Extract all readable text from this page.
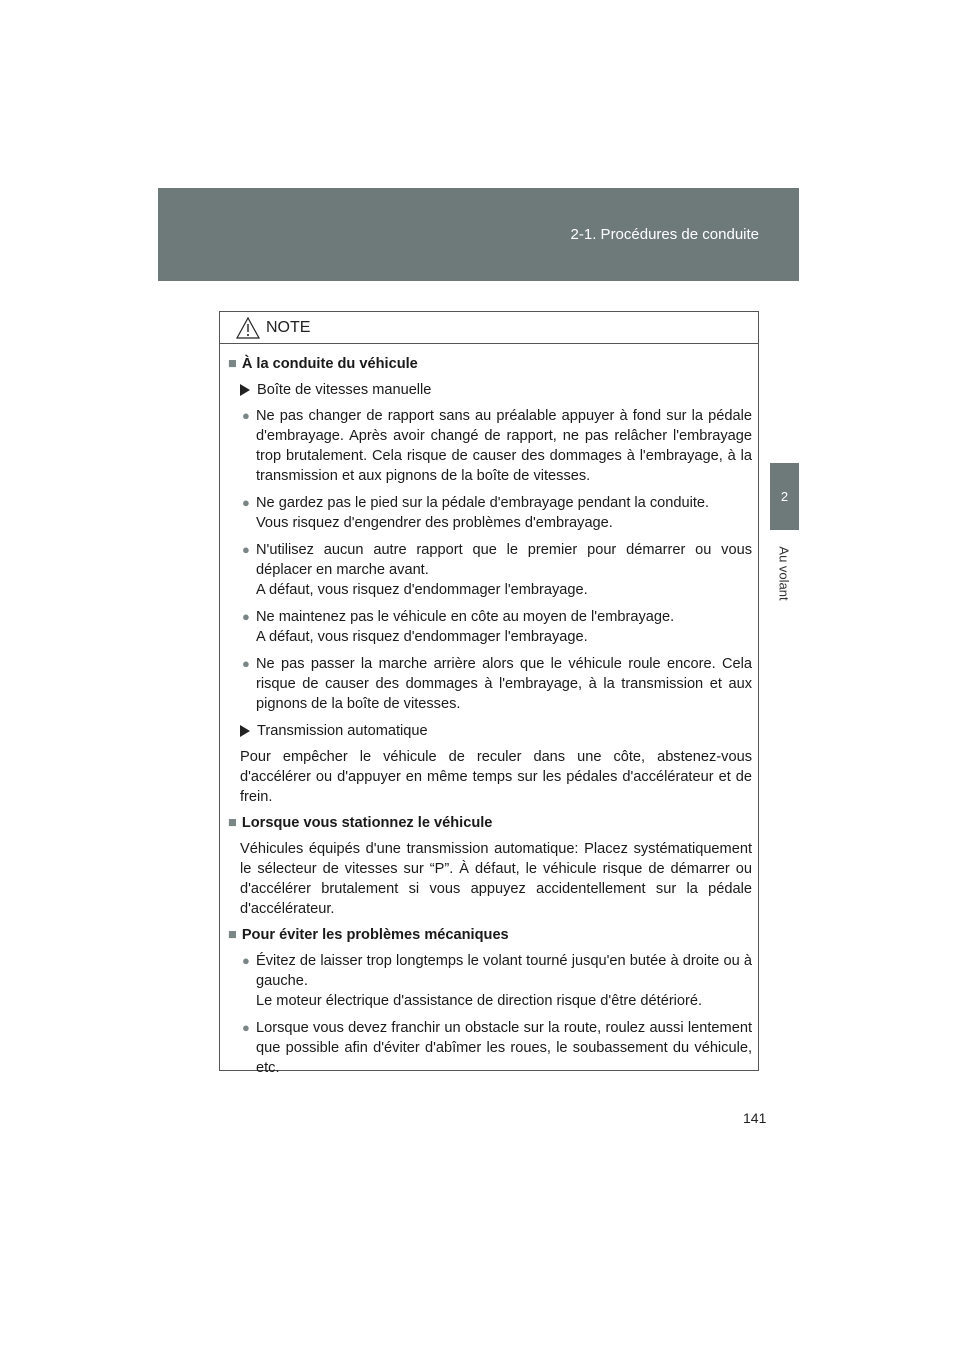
2-1. Procédures de conduite
2
Au volant
NOTE
■ À la conduite du véhicule
Boîte de vitesses manuelle
● Ne pas changer de rapport sans au préalable appuyer à fond sur la pédale d'embrayage. Après avoir changé de rapport, ne pas relâcher l'embrayage trop brutalement. Cela risque de causer des dommages à l'embrayage, à la transmission et aux pignons de la boîte de vitesses.
● Ne gardez pas le pied sur la pédale d'embrayage pendant la conduite.
Vous risquez d'engendrer des problèmes d'embrayage.
● N'utilisez aucun autre rapport que le premier pour démarrer ou vous déplacer en marche avant.
A défaut, vous risquez d'endommager l'embrayage.
● Ne maintenez pas le véhicule en côte au moyen de l'embrayage.
A défaut, vous risquez d'endommager l'embrayage.
● Ne pas passer la marche arrière alors que le véhicule roule encore. Cela risque de causer des dommages à l'embrayage, à la transmission et aux pignons de la boîte de vitesses.
Transmission automatique
Pour empêcher le véhicule de reculer dans une côte, abstenez-vous d'accélérer ou d'appuyer en même temps sur les pédales d'accélérateur et de frein.
■ Lorsque vous stationnez le véhicule
Véhicules équipés d'une transmission automatique: Placez systématiquement le sélecteur de vitesses sur “P”. À défaut, le véhicule risque de démarrer ou d'accélérer brutalement si vous appuyez accidentellement sur la pédale d'accélérateur.
■ Pour éviter les problèmes mécaniques
● Évitez de laisser trop longtemps le volant tourné jusqu'en butée à droite ou à gauche.
Le moteur électrique d'assistance de direction risque d'être détérioré.
● Lorsque vous devez franchir un obstacle sur la route, roulez aussi lentement que possible afin d'éviter d'abîmer les roues, le soubassement du véhicule, etc.
141
